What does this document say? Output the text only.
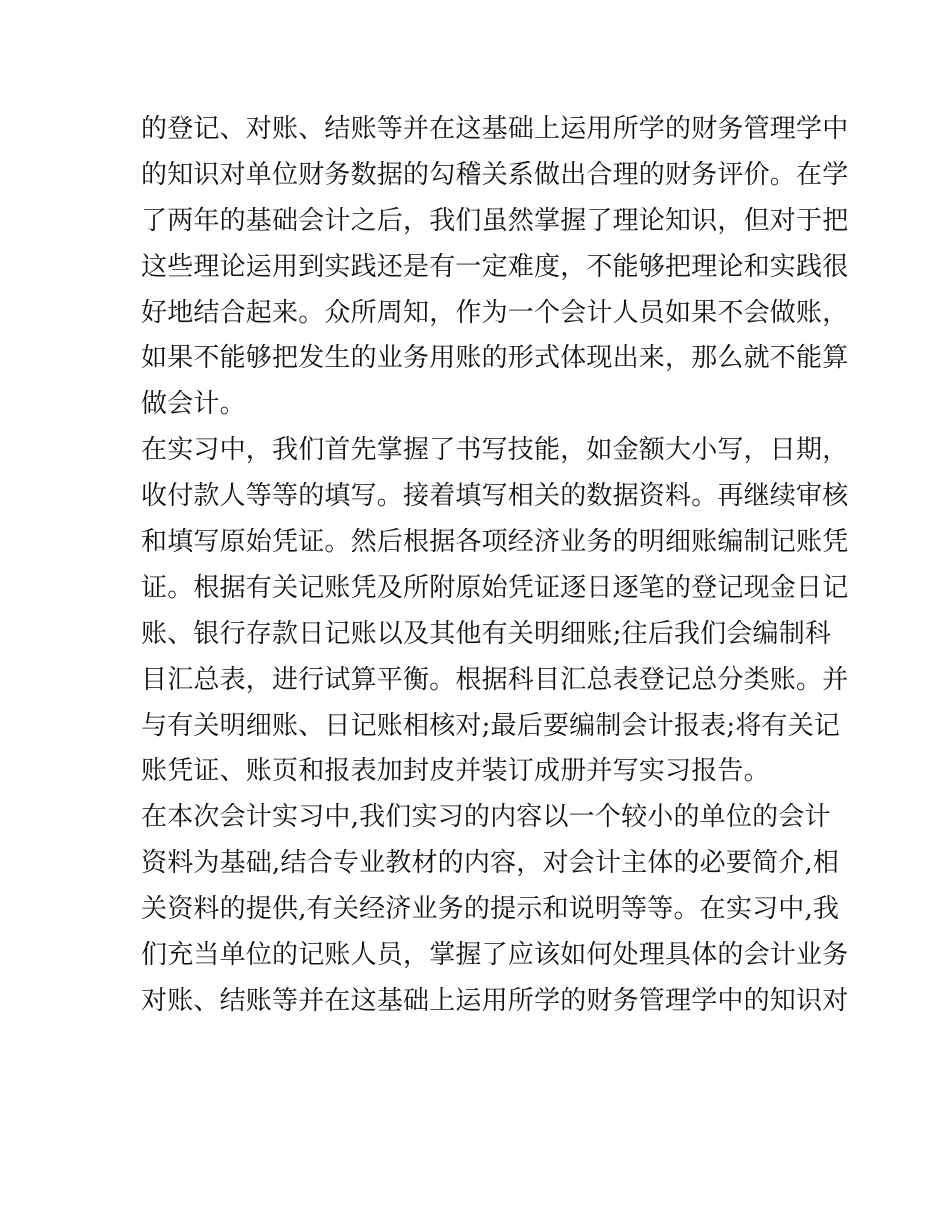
的登记、对账、结账等并在这基础上运用所学的财务管理学中
的知识对单位财务数据的勾稽关系做出合理的财务评价。在学
了两年的基础会计之后，我们虽然掌握了理论知识，但对于把
这些理论运用到实践还是有一定难度，不能够把理论和实践很
好地结合起来。众所周知，作为一个会计人员如果不会做账，
如果不能够把发生的业务用账的形式体现出来，那么就不能算
做会计。
在实习中，我们首先掌握了书写技能，如金额大小写，日期，
收付款人等等的填写。接着填写相关的数据资料。再继续审核
和填写原始凭证。然后根据各项经济业务的明细账编制记账凭
证。根据有关记账凭及所附原始凭证逐日逐笔的登记现金日记
账、银行存款日记账以及其他有关明细账;往后我们会编制科
目汇总表，进行试算平衡。根据科目汇总表登记总分类账。并
与有关明细账、日记账相核对;最后要编制会计报表;将有关记
账凭证、账页和报表加封皮并装订成册并写实习报告。
在本次会计实习中,我们实习的内容以一个较小的单位的会计
资料为基础,结合专业教材的内容，对会计主体的必要简介,相
关资料的提供,有关经济业务的提示和说明等等。在实习中,我
们充当单位的记账人员，掌握了应该如何处理具体的会计业务
对账、结账等并在这基础上运用所学的财务管理学中的知识对
